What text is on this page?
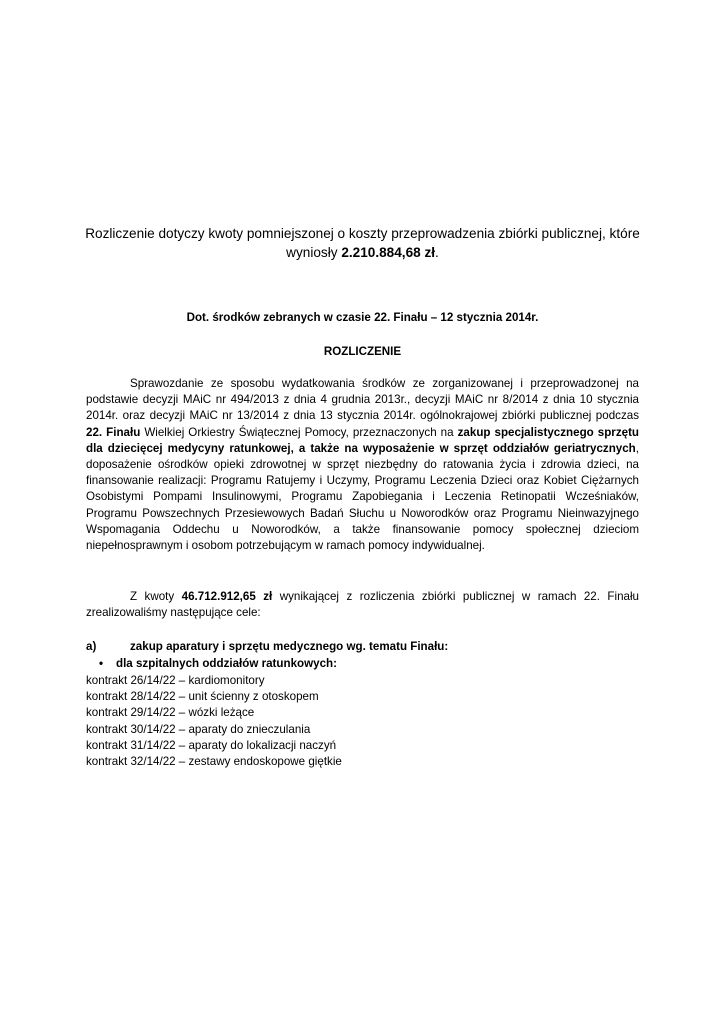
Rozliczenie dotyczy kwoty pomniejszonej o koszty przeprowadzenia zbiórki publicznej, które wyniosły 2.210.884,68 zł.
Dot. środków zebranych w czasie 22. Finału – 12 stycznia 2014r.
ROZLICZENIE

Sprawozdanie ze sposobu wydatkowania środków ze zorganizowanej i przeprowadzonej na podstawie decyzji MAiC nr 494/2013 z dnia 4 grudnia 2013r., decyzji MAiC nr 8/2014 z dnia 10 stycznia 2014r. oraz decyzji MAiC nr 13/2014 z dnia 13 stycznia 2014r. ogólnokrajowej zbiórki publicznej podczas 22. Finału Wielkiej Orkiestry Świątecznej Pomocy, przeznaczonych na zakup specjalistycznego sprzętu dla dziecięcej medycyny ratunkowej, a także na wyposażenie w sprzęt oddziałów geriatrycznych, doposażenie ośrodków opieki zdrowotnej w sprzęt niezbędny do ratowania życia i zdrowia dzieci, na finansowanie realizacji: Programu Ratujemy i Uczymy, Programu Leczenia Dzieci oraz Kobiet Ciężarnych Osobistymi Pompami Insulinowymi, Programu Zapobiegania i Leczenia Retinopatii Wcześniaków, Programu Powszechnych Przesiewowych Badań Słuchu u Noworodków oraz Programu Nieinwazyjnego Wspomagania Oddechu u Noworodków, a także finansowanie pomocy społecznej dzieciom niepełnosprawnym i osobom potrzebującym w ramach pomocy indywidualnej.

Z kwoty 46.712.912,65 zł wynikającej z rozliczenia zbiórki publicznej w ramach 22. Finału zrealizowaliśmy następujące cele:

a)	zakup aparatury i sprzętu medycznego wg. tematu Finału:
• dla szpitalnych oddziałów ratunkowych:
kontrakt 26/14/22 – kardiomonitory
kontrakt 28/14/22 – unit ścienny z otoskopem
kontrakt 29/14/22 – wózki leżące
kontrakt 30/14/22 – aparaty do znieczulania
kontrakt 31/14/22 – aparaty do lokalizacji naczyń
kontrakt 32/14/22 – zestawy endoskopowe giętkie
